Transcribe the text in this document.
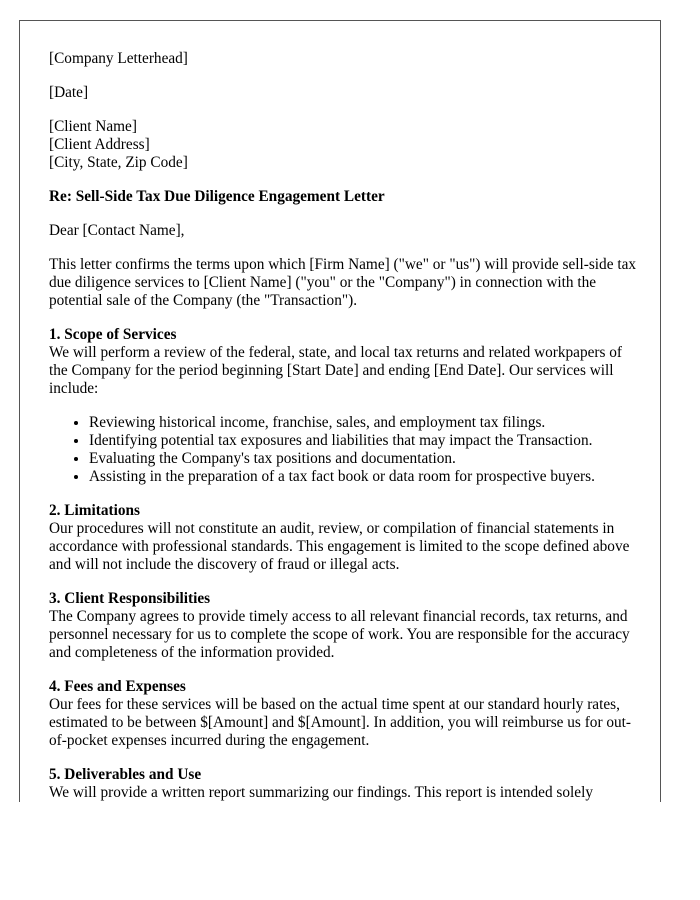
[Company Letterhead]

[Date]

[Client Name]
[Client Address]
[City, State, Zip Code]

Re: Sell-Side Tax Due Diligence Engagement Letter

Dear [Contact Name],

This letter confirms the terms upon which [Firm Name] ("we" or "us") will provide sell-side tax due diligence services to [Client Name] ("you" or the "Company") in connection with the potential sale of the Company (the "Transaction").

1. Scope of Services
We will perform a review of the federal, state, and local tax returns and related workpapers of the Company for the period beginning [Start Date] and ending [End Date]. Our services will include:
• Reviewing historical income, franchise, sales, and employment tax filings.
• Identifying potential tax exposures and liabilities that may impact the Transaction.
• Evaluating the Company's tax positions and documentation.
• Assisting in the preparation of a tax fact book or data room for prospective buyers.
2. Limitations
Our procedures will not constitute an audit, review, or compilation of financial statements in accordance with professional standards. This engagement is limited to the scope defined above and will not include the discovery of fraud or illegal acts.
3. Client Responsibilities
The Company agrees to provide timely access to all relevant financial records, tax returns, and personnel necessary for us to complete the scope of work. You are responsible for the accuracy and completeness of the information provided.
4. Fees and Expenses
Our fees for these services will be based on the actual time spent at our standard hourly rates, estimated to be between $[Amount] and $[Amount]. In addition, you will reimburse us for out-of-pocket expenses incurred during the engagement.
5. Deliverables and Use
We will provide a written report summarizing our findings. This report is intended solely
